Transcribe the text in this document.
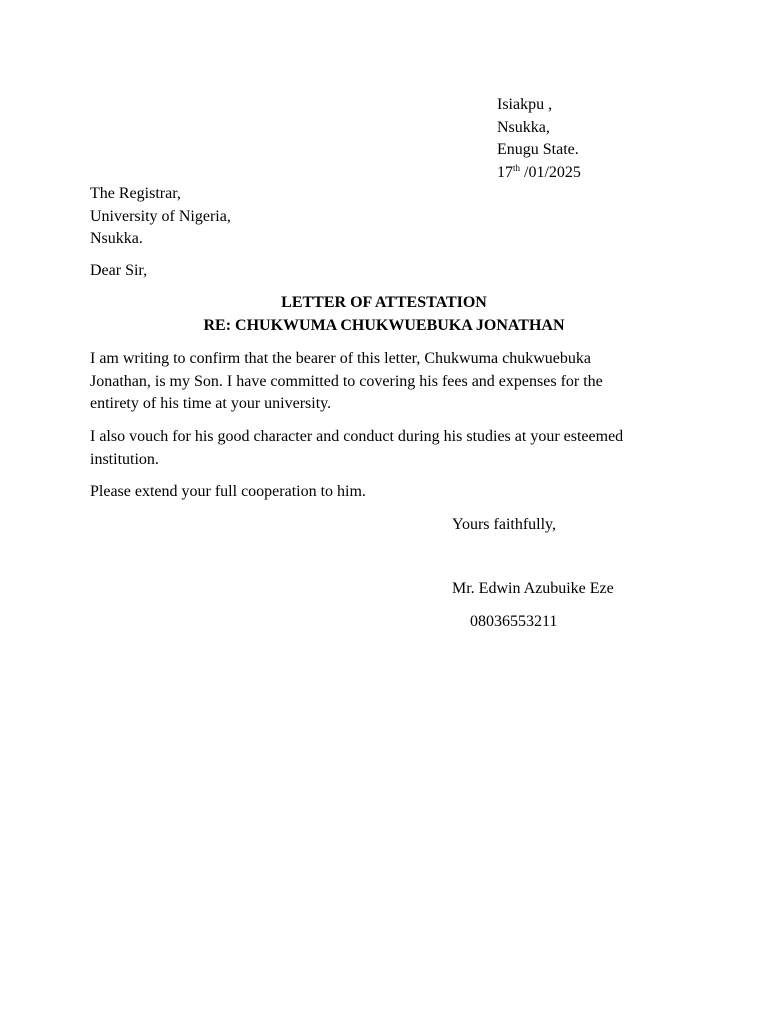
Isiakpu ,
Nsukka,
Enugu State.
17th /01/2025
The Registrar,
University of Nigeria,
Nsukka.
Dear Sir,
LETTER OF ATTESTATION
RE: CHUKWUMA CHUKWUEBUKA JONATHAN
I am writing to confirm that the bearer of this letter, Chukwuma chukwuebuka
Jonathan, is my Son. I have committed to covering his fees and expenses for the
entirety of his time at your university.
I also vouch for his good character and conduct during his studies at your esteemed
institution.
Please extend your full cooperation to him.
Yours faithfully,
Mr. Edwin Azubuike Eze
08036553211
